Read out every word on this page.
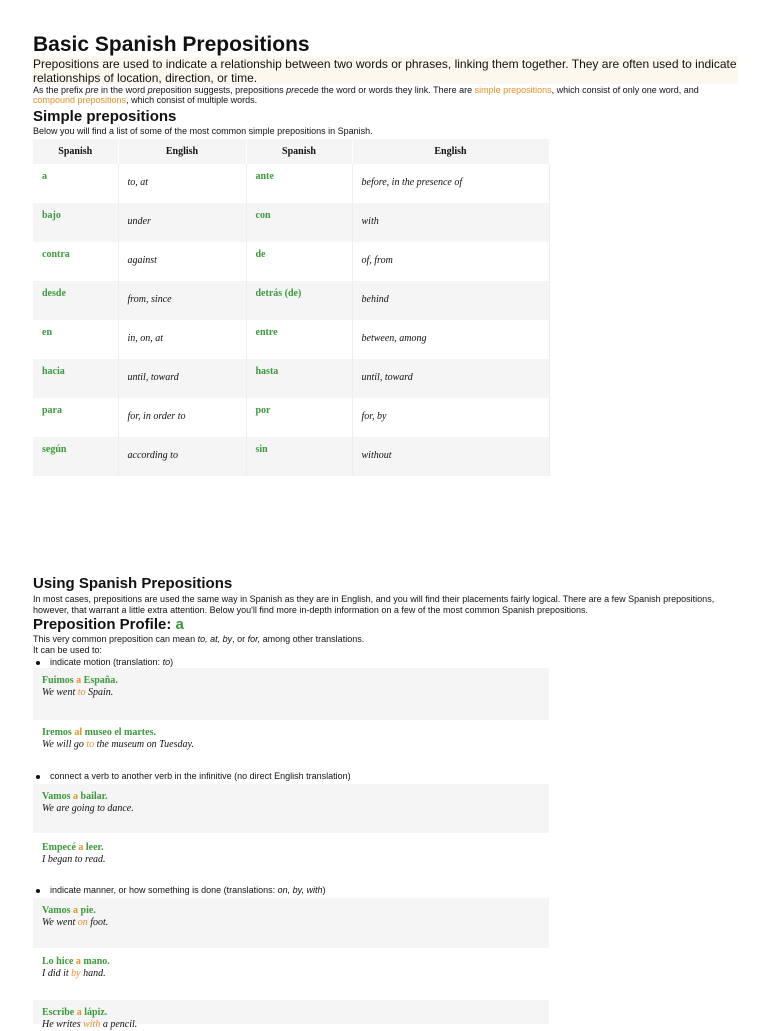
Basic Spanish Prepositions
Prepositions are used to indicate a relationship between two words or phrases, linking them together. They are often used to indicate relationships of location, direction, or time.
As the prefix pre in the word preposition suggests, prepositions precede the word or words they link. There are simple prepositions, which consist of only one word, and compound prepositions, which consist of multiple words.
Simple prepositions
Below you will find a list of some of the most common simple prepositions in Spanish.
Spanish	English	Spanish	English
a	to, at	ante	before, in the presence of
bajo	under	con	with
contra	against	de	of, from
desde	from, since	detrás (de)	behind
en	in, on, at	entre	between, among
hacia	until, toward	hasta	until, toward
para	for, in order to	por	for, by
según	according to	sin	without
Using Spanish Prepositions
In most cases, prepositions are used the same way in Spanish as they are in English, and you will find their placements fairly logical. There are a few Spanish prepositions, however, that warrant a little extra attention. Below you'll find more in-depth information on a few of the most common Spanish prepositions.
Preposition Profile: a
This very common preposition can mean to, at, by, or for, among other translations.
It can be used to:
indicate motion (translation: to)
Fuimos a España.
We went to Spain.
Iremos al museo el martes.
We will go to the museum on Tuesday.
connect a verb to another verb in the infinitive (no direct English translation)
Vamos a bailar.
We are going to dance.
Empecé a leer.
I began to read.
indicate manner, or how something is done (translations: on, by, with)
Vamos a pie.
We went on foot.
Lo hice a mano.
I did it by hand.
Escribe a lápiz.
He writes with a pencil.
